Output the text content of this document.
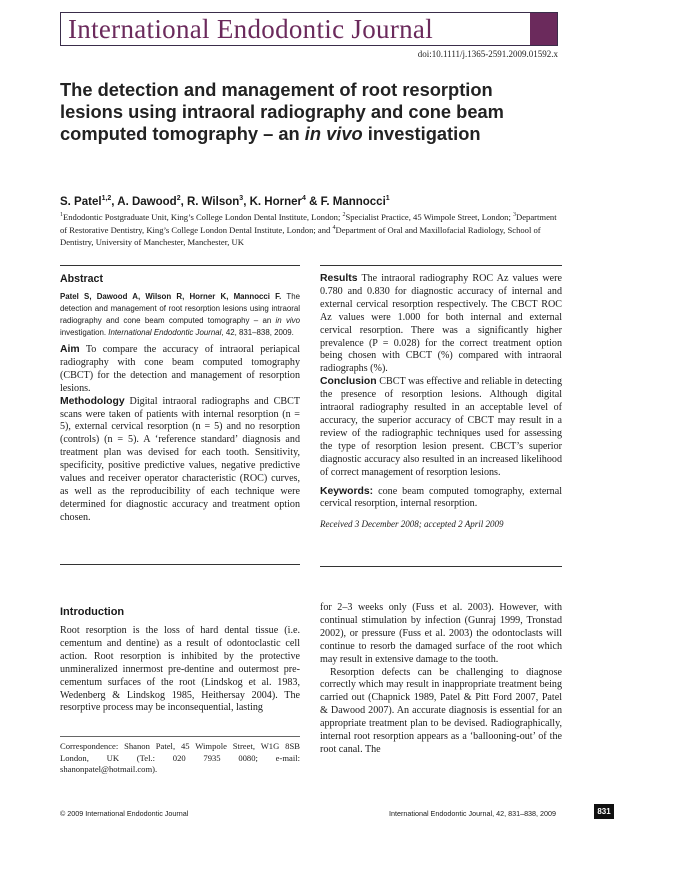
International Endodontic Journal
doi:10.1111/j.1365-2591.2009.01592.x
The detection and management of root resorption lesions using intraoral radiography and cone beam computed tomography – an in vivo investigation
S. Patel$^{1,2}$, A. Dawood$^2$, R. Wilson$^3$, K. Horner$^4$ & F. Mannocci$^1$
$^1$Endodontic Postgraduate Unit, King’s College London Dental Institute, London; $^2$Specialist Practice, 45 Wimpole Street, London; $^3$Department of Restorative Dentistry, King’s College London Dental Institute, London; and $^4$Department of Oral and Maxillofacial Radiology, School of Dentistry, University of Manchester, Manchester, UK
Abstract

Patel S, Dawood A, Wilson R, Horner K, Mannocci F. The detection and management of root resorption lesions using intraoral radiography and cone beam computed tomography – an in vivo investigation. International Endodontic Journal, 42, 831–838, 2009.

Aim To compare the accuracy of intraoral periapical radiography with cone beam computed tomography (CBCT) for the detection and management of resorption lesions.

Methodology Digital intraoral radiographs and CBCT scans were taken of patients with internal resorption (n = 5), external cervical resorption (n = 5) and no resorption (controls) (n = 5). A ‘reference standard’ diagnosis and treatment plan was devised for each tooth. Sensitivity, specificity, positive predictive values, negative predictive values and receiver operator characteristic (ROC) curves, as well as the reproducibility of each technique were determined for diagnostic accuracy and treatment option chosen.

Results The intraoral radiography ROC Az values were 0.780 and 0.830 for diagnostic accuracy of internal and external cervical resorption respectively. The CBCT ROC Az values were 1.000 for both internal and external cervical resorption. There was a significantly higher prevalence (P = 0.028) for the correct treatment option being chosen with CBCT (%) compared with intraoral radiographs (%).

Conclusion CBCT was effective and reliable in detecting the presence of resorption lesions. Although digital intraoral radiography resulted in an acceptable level of accuracy, the superior accuracy of CBCT may result in a review of the radiographic techniques used for assessing the type of resorption lesion present. CBCT’s superior diagnostic accuracy also resulted in an increased likelihood of correct management of resorption lesions.

Keywords: cone beam computed tomography, external cervical resorption, internal resorption.

Received 3 December 2008; accepted 2 April 2009

Introduction

Root resorption is the loss of hard dental tissue (i.e. cementum and dentine) as a result of odontoclastic cell action. Root resorption is inhibited by the protective unmineralized innermost pre-dentine and outermost pre-cementum surfaces of the root (Lindskog et al. 1983, Wedenberg & Lindskog 1985, Heithersay 2004). The resorptive process may be inconsequential, lasting

Correspondence: Shanon Patel, 45 Wimpole Street, W1G 8SB London, UK (Tel.: 020 7935 0080; e-mail: shanonpatel@hotmail.com).

for 2–3 weeks only (Fuss et al. 2003). However, with continual stimulation by infection (Gunraj 1999, Tronstad 2002), or pressure (Fuss et al. 2003) the odontoclasts will continue to resorb the damaged surface of the root which may result in extensive damage to the tooth.

Resorption defects can be challenging to diagnose correctly which may result in inappropriate treatment being carried out (Chapnick 1989, Patel & Pitt Ford 2007, Patel & Dawood 2007). An accurate diagnosis is essential for an appropriate treatment plan to be devised. Radiographically, internal root resorption appears as a ‘ballooning-out’ of the root canal. The

© 2009 International Endodontic Journal	International Endodontic Journal, 42, 831–838, 2009	831
